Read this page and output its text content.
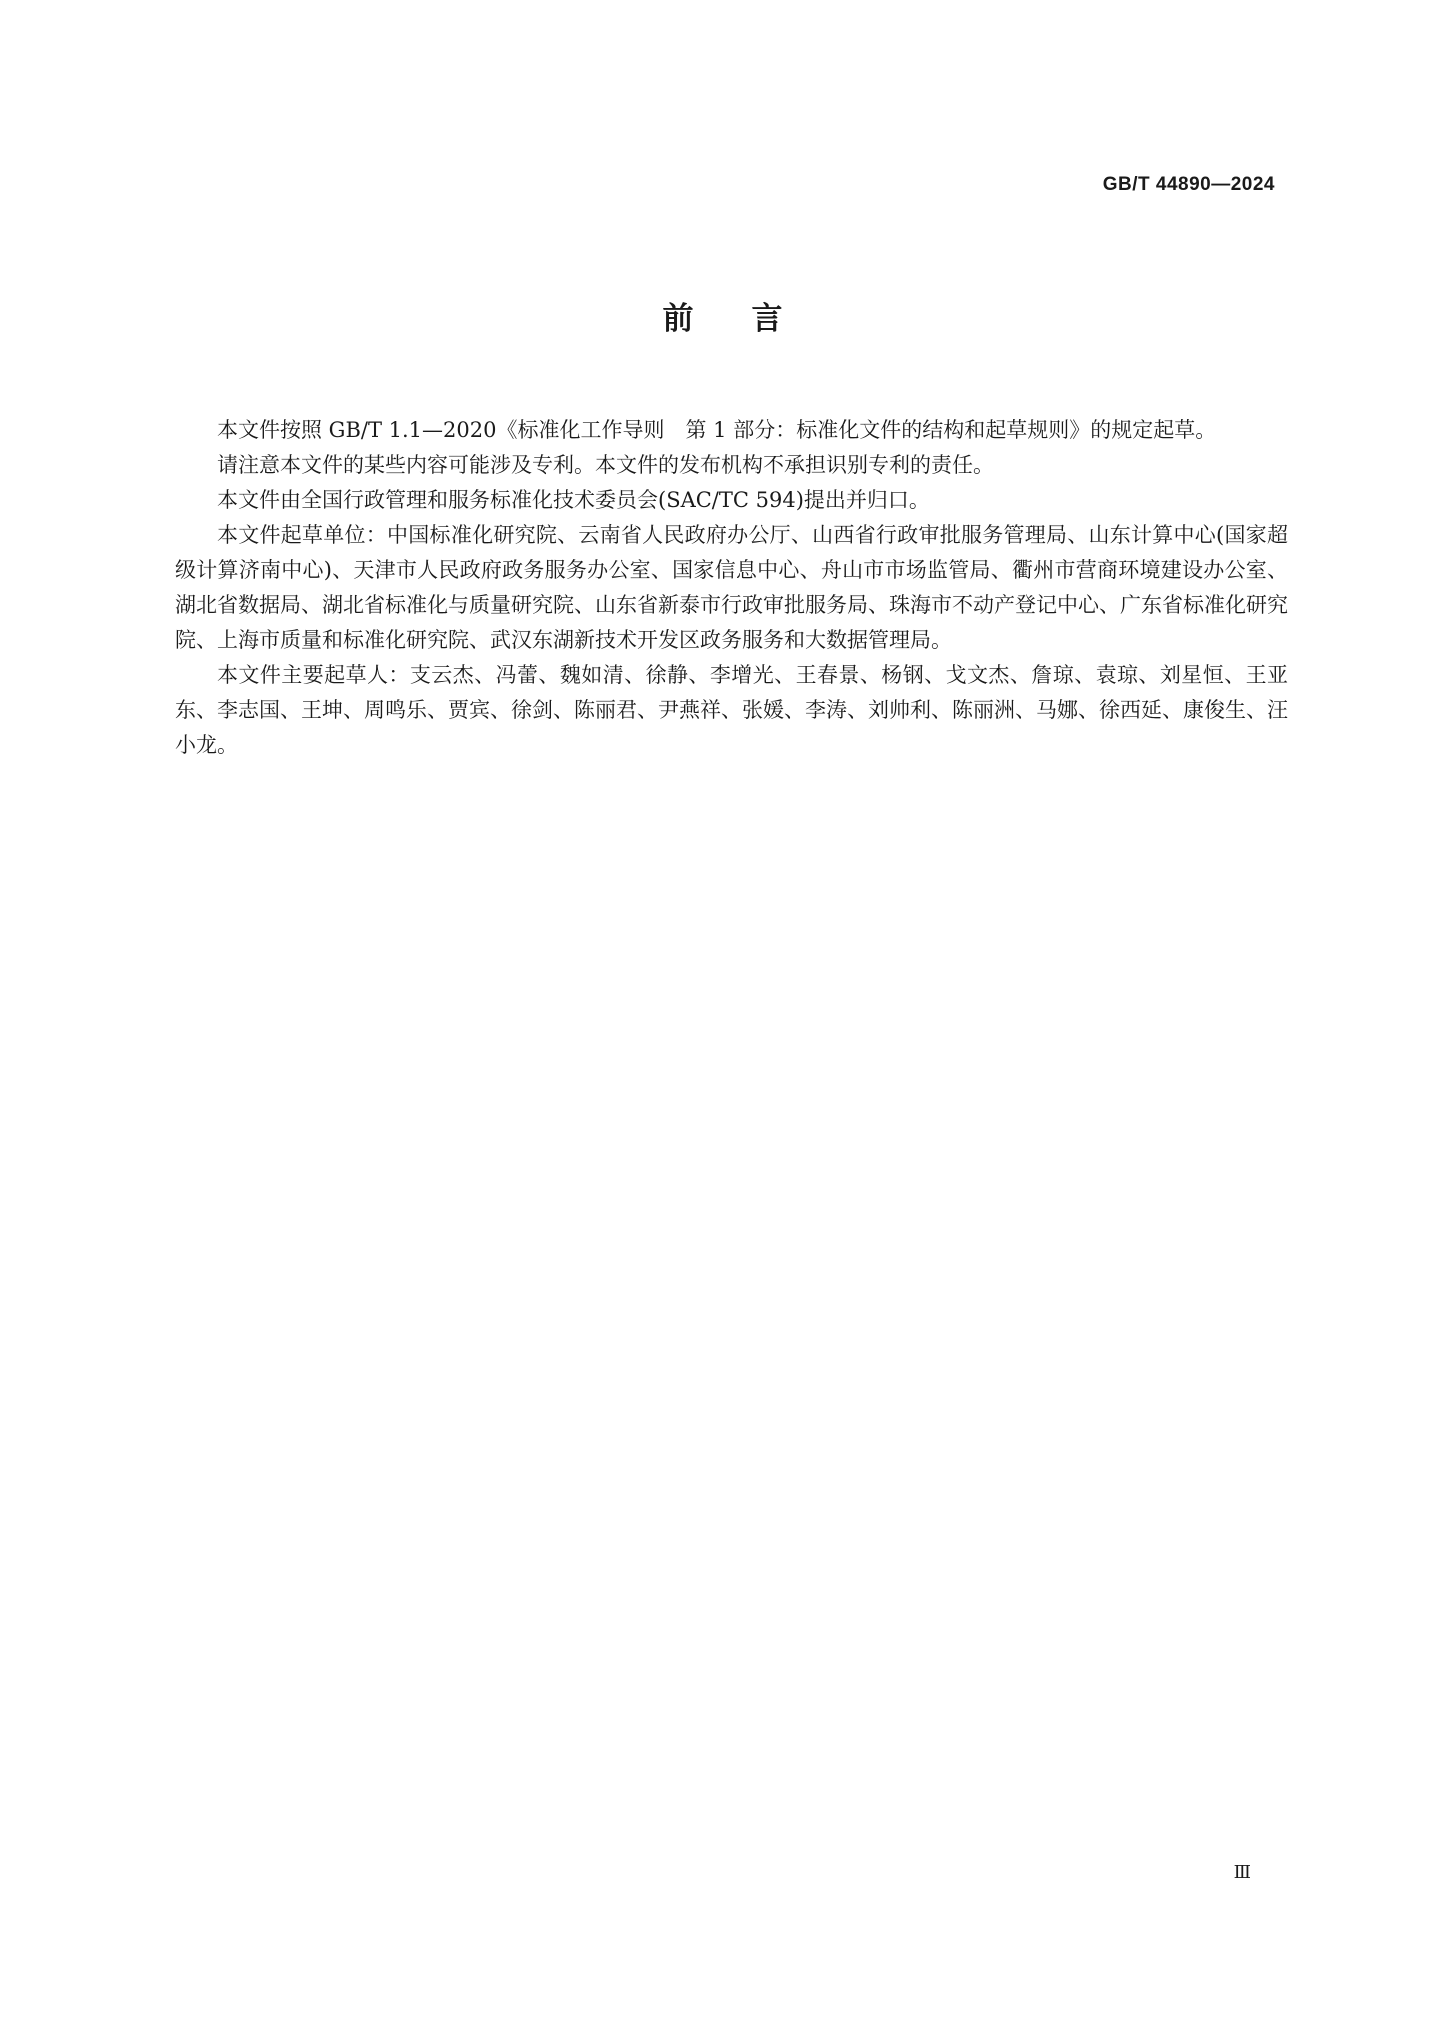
GB/T 44890—2024
前言

本文件按照 GB/T 1.1—2020《标准化工作导则　第 1 部分：标准化文件的结构和起草规则》的规定起草。

请注意本文件的某些内容可能涉及专利。本文件的发布机构不承担识别专利的责任。

本文件由全国行政管理和服务标准化技术委员会(SAC/TC 594)提出并归口。

本文件起草单位：中国标准化研究院、云南省人民政府办公厅、山西省行政审批服务管理局、山东计算中心(国家超级计算济南中心)、天津市人民政府政务服务办公室、国家信息中心、舟山市市场监管局、衢州市营商环境建设办公室、湖北省数据局、湖北省标准化与质量研究院、山东省新泰市行政审批服务局、珠海市不动产登记中心、广东省标准化研究院、上海市质量和标准化研究院、武汉东湖新技术开发区政务服务和大数据管理局。

本文件主要起草人：支云杰、冯蕾、魏如清、徐静、李增光、王春景、杨钢、戈文杰、詹琼、袁琼、刘星恒、王亚东、李志国、王坤、周鸣乐、贾宾、徐剑、陈丽君、尹燕祥、张媛、李涛、刘帅利、陈丽洲、马娜、徐西延、康俊生、汪小龙。

Ⅲ
